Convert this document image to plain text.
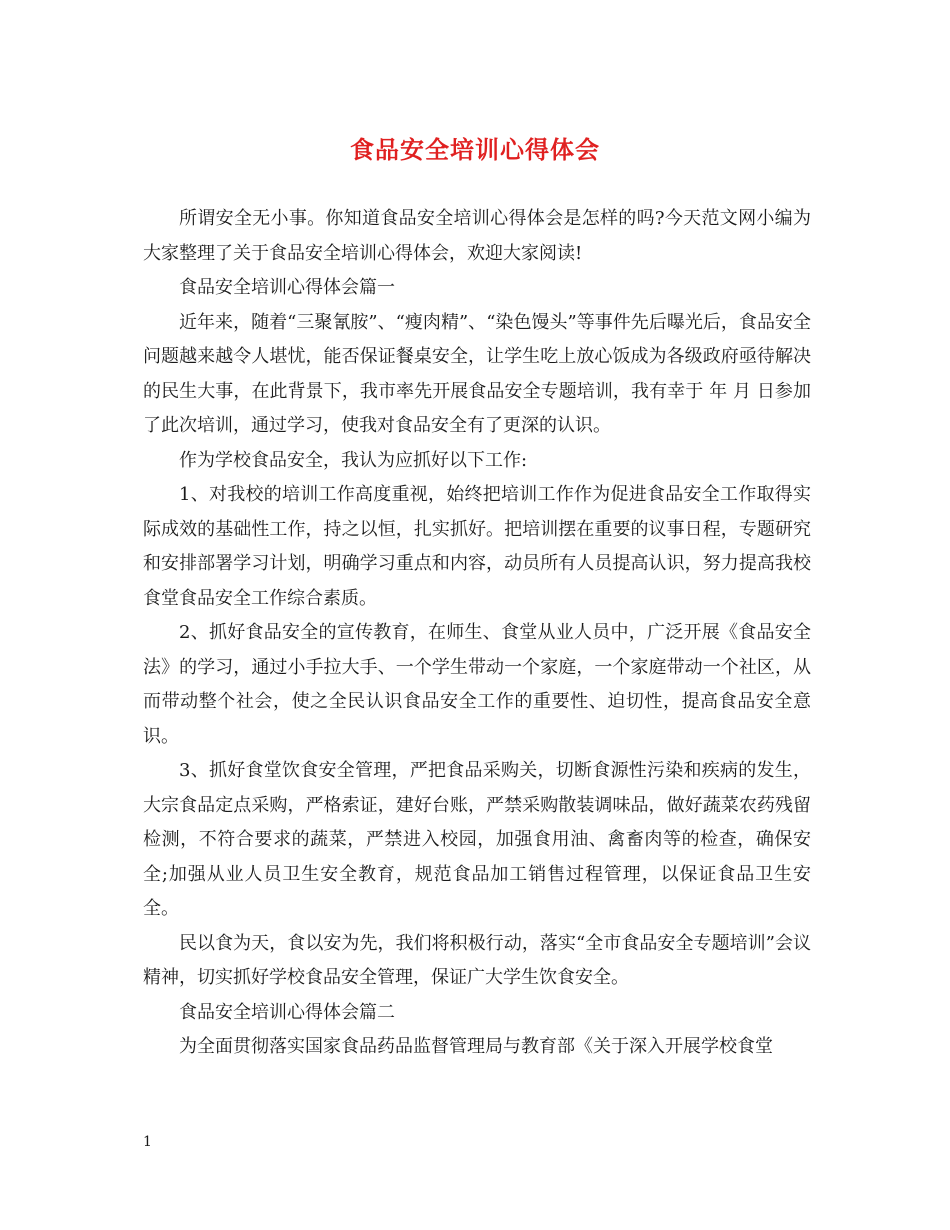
食品安全培训心得体会

所谓安全无小事。你知道食品安全培训心得体会是怎样的吗?今天范文网小编为大家整理了关于食品安全培训心得体会，欢迎大家阅读!

食品安全培训心得体会篇一

近年来，随着“三聚氰胺”、“瘦肉精”、“染色馒头”等事件先后曝光后，食品安全问题越来越令人堪忧，能否保证餐桌安全，让学生吃上放心饭成为各级政府亟待解决的民生大事，在此背景下，我市率先开展食品安全专题培训，我有幸于 年 月 日参加了此次培训，通过学习，使我对食品安全有了更深的认识。

作为学校食品安全，我认为应抓好以下工作:

1、对我校的培训工作高度重视，始终把培训工作作为促进食品安全工作取得实际成效的基础性工作，持之以恒，扎实抓好。把培训摆在重要的议事日程，专题研究和安排部署学习计划，明确学习重点和内容，动员所有人员提高认识，努力提高我校食堂食品安全工作综合素质。

2、抓好食品安全的宣传教育，在师生、食堂从业人员中，广泛开展《食品安全法》的学习，通过小手拉大手、一个学生带动一个家庭，一个家庭带动一个社区，从而带动整个社会，使之全民认识食品安全工作的重要性、迫切性，提高食品安全意识。

3、抓好食堂饮食安全管理，严把食品采购关，切断食源性污染和疾病的发生，大宗食品定点采购，严格索证，建好台账，严禁采购散装调味品，做好蔬菜农药残留检测，不符合要求的蔬菜，严禁进入校园，加强食用油、禽畜肉等的检查，确保安全;加强从业人员卫生安全教育，规范食品加工销售过程管理，以保证食品卫生安全。

民以食为天，食以安为先，我们将积极行动，落实“全市食品安全专题培训”会议精神，切实抓好学校食品安全管理，保证广大学生饮食安全。

食品安全培训心得体会篇二

为全面贯彻落实国家食品药品监督管理局与教育部《关于深入开展学校食堂

1
